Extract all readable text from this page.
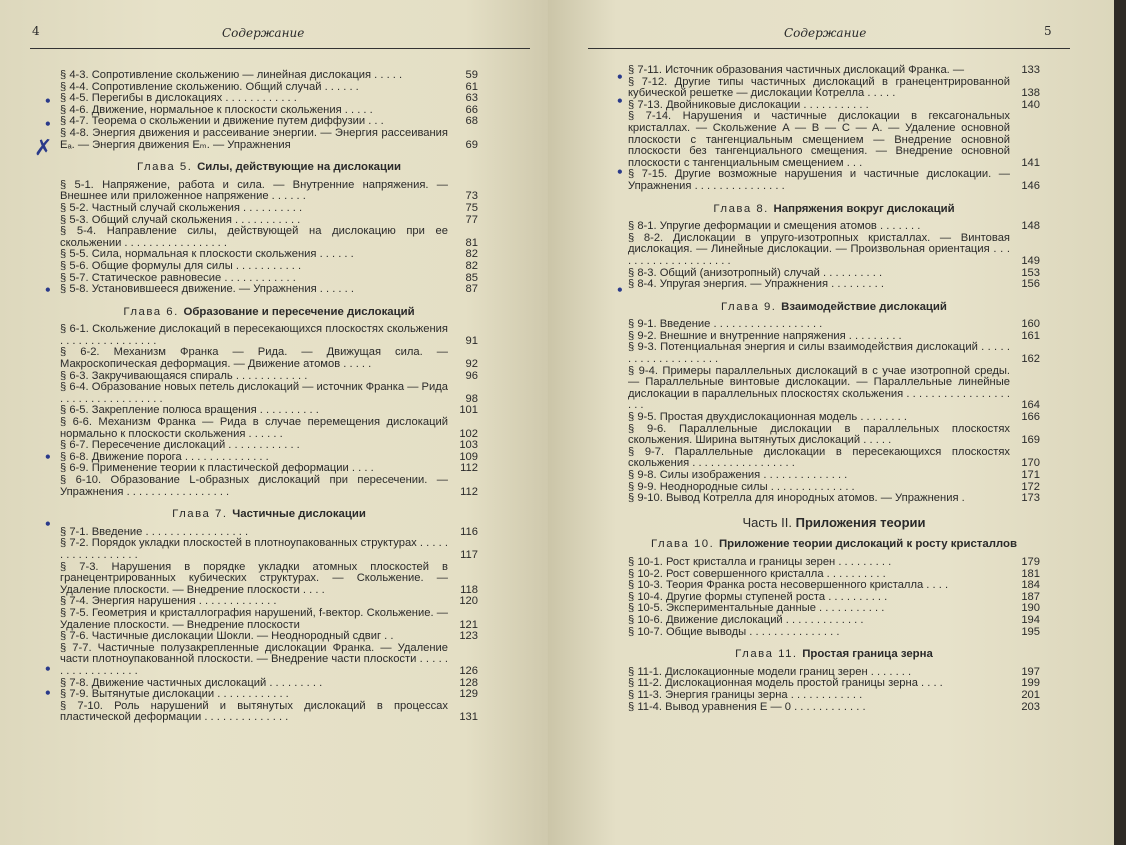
4	Содержание
§ 4-3. Сопротивление скольжению — линейная дислокация . . . . .	59
§ 4-4. Сопротивление скольжению. Общий случай . . . . . .	61
§ 4-5. Перегибы в дислокациях . . . . . . . . . . . .	63
§ 4-6. Движение, нормальное к плоскости скольжения . . . . .	66
§ 4-7. Теорема о скольжении и движение путем диффузии . . .	68
§ 4-8. Энергия движения и рассеивание энергии. — Энергия рассеивания Eₐ. — Энергия движения Eₘ. — Упражнения	69
Глава 5. Силы, действующие на дислокации
§ 5-1. Напряжение, работа и сила. — Внутренние напряжения. — Внешнее или приложенное напряжение . . . . . .	73
§ 5-2. Частный случай скольжения . . . . . . . . . .	75
§ 5-3. Общий случай скольжения . . . . . . . . . . .	77
§ 5-4. Направление силы, действующей на дислокацию при ее скольжении . . . . . . . . . . . . . . . . .	81
§ 5-5. Сила, нормальная к плоскости скольжения . . . . . .	82
§ 5-6. Общие формулы для силы . . . . . . . . . . .	82
§ 5-7. Статическое равновесие . . . . . . . . . . . .	85
§ 5-8. Установившееся движение. — Упражнения . . . . . .	87
Глава 6. Образование и пересечение дислокаций
§ 6-1. Скольжение дислокаций в пересекающихся плоскостях скольжения . . . . . . . . . . . . . . . .	91
§ 6-2. Механизм Франка — Рида. — Движущая сила. — Макроскопическая деформация. — Движение атомов . . . . .	92
§ 6-3. Закручивающаяся спираль . . . . . . . . . . . .	96
§ 6-4. Образование новых петель дислокаций — источник Франка — Рида . . . . . . . . . . . . . . . . .	98
§ 6-5. Закрепление полюса вращения . . . . . . . . . .	101
§ 6-6. Механизм Франка — Рида в случае перемещения дислокаций нормально к плоскости скольжения . . . . . .	102
§ 6-7. Пересечение дислокаций . . . . . . . . . . . .	103
§ 6-8. Движение порога . . . . . . . . . . . . . .	109
§ 6-9. Применение теории к пластической деформации . . . .	112
§ 6-10. Образование L-образных дислокаций при пересечении. — Упражнения . . . . . . . . . . . . . . . . .	112
Глава 7. Частичные дислокации
§ 7-1. Введение . . . . . . . . . . . . . . . . .	116
§ 7-2. Порядок укладки плоскостей в плотноупакованных структурах . . . . . . . . . . . . . . . . . .	117
§ 7-3. Нарушения в порядке укладки атомных плоскостей в гранецентрированных кубических структурах. — Скольжение. — Удаление плоскости. — Внедрение плоскости . . . .	118
§ 7-4. Энергия нарушения . . . . . . . . . . . . .	120
§ 7-5. Геометрия и кристаллография нарушений, f-вектор. Скольжение. — Удаление плоскости. — Внедрение плоскости	121
§ 7-6. Частичные дислокации Шокли. — Неоднородный сдвиг . .	123
§ 7-7. Частичные полузакрепленные дислокации Франка. — Удаление части плотноупакованной плоскости. — Внедрение части плоскости . . . . . . . . . . . . . . . . . .	126
§ 7-8. Движение частичных дислокаций . . . . . . . . .	128
§ 7-9. Вытянутые дислокации . . . . . . . . . . . .	129
§ 7-10. Роль нарушений и вытянутых дислокаций в процессах пластической деформации . . . . . . . . . . . . . .	131
•
•
✗
•
•
•
•
•
Содержание	5
§ 7-11. Источник образования частичных дислокаций Франка. —	133
§ 7-12. Другие типы частичных дислокаций в гранецентрированной кубической решетке — дислокации Котрелла . . . . .	138
§ 7-13. Двойниковые дислокации . . . . . . . . . . .	140
§ 7-14. Нарушения и частичные дислокации в гексагональных кристаллах. — Скольжение A — B — C — A. — Удаление основной плоскости с тангенциальным смещением — Внедрение основной плоскости без тангенциального смещения. — Внедрение основной плоскости с тангенциальным смещением . . .	141
§ 7-15. Другие возможные нарушения и частичные дислокации. — Упражнения . . . . . . . . . . . . . . .	146
Глава 8. Напряжения вокруг дислокаций
§ 8-1. Упругие деформации и смещения атомов . . . . . . .	148
§ 8-2. Дислокации в упруго-изотропных кристаллах. — Винтовая дислокация. — Линейные дислокации. — Произвольная ориентация . . . . . . . . . . . . . . . . . . . .	149
§ 8-3. Общий (анизотропный) случай . . . . . . . . . .	153
§ 8-4. Упругая энергия. — Упражнения . . . . . . . . .	156
Глава 9. Взаимодействие дислокаций
§ 9-1. Введение . . . . . . . . . . . . . . . . . .	160
§ 9-2. Внешние и внутренние напряжения . . . . . . . . .	161
§ 9-3. Потенциальная энергия и силы взаимодействия дислокаций . . . . . . . . . . . . . . . . . . . .	162
§ 9-4. Примеры параллельных дислокаций в с учае изотропной среды. — Параллельные винтовые дислокации. — Параллельные линейные дислокации в параллельных плоскостях скольжения . . . . . . . . . . . . . . . . . . . .	164
§ 9-5. Простая двухдислокационная модель . . . . . . . .	166
§ 9-6. Параллельные дислокации в параллельных плоскостях скольжения. Ширина вытянутых дислокаций . . . . .	169
§ 9-7. Параллельные дислокации в пересекающихся плоскостях скольжения . . . . . . . . . . . . . . . . .	170
§ 9-8. Силы изображения . . . . . . . . . . . . . .	171
§ 9-9. Неоднородные силы . . . . . . . . . . . . . .	172
§ 9-10. Вывод Котрелла для инородных атомов. — Упражнения .	173
Часть II. Приложения теории
Глава 10. Приложение теории дислокаций к росту кристаллов
§ 10-1. Рост кристалла и границы зерен . . . . . . . . .	179
§ 10-2. Рост совершенного кристалла . . . . . . . . . .	181
§ 10-3. Теория Франка роста несовершенного кристалла . . . .	184
§ 10-4. Другие формы ступеней роста . . . . . . . . . .	187
§ 10-5. Экспериментальные данные . . . . . . . . . . .	190
§ 10-6. Движение дислокаций . . . . . . . . . . . . .	194
§ 10-7. Общие выводы . . . . . . . . . . . . . . .	195
Глава 11. Простая граница зерна
§ 11-1. Дислокационные модели границ зерен . . . . . . .	197
§ 11-2. Дислокационная модель простой границы зерна . . . .	199
§ 11-3. Энергия границы зерна . . . . . . . . . . . .	201
§ 11-4. Вывод уравнения E — 0 . . . . . . . . . . . .	203
•
•
•
•
